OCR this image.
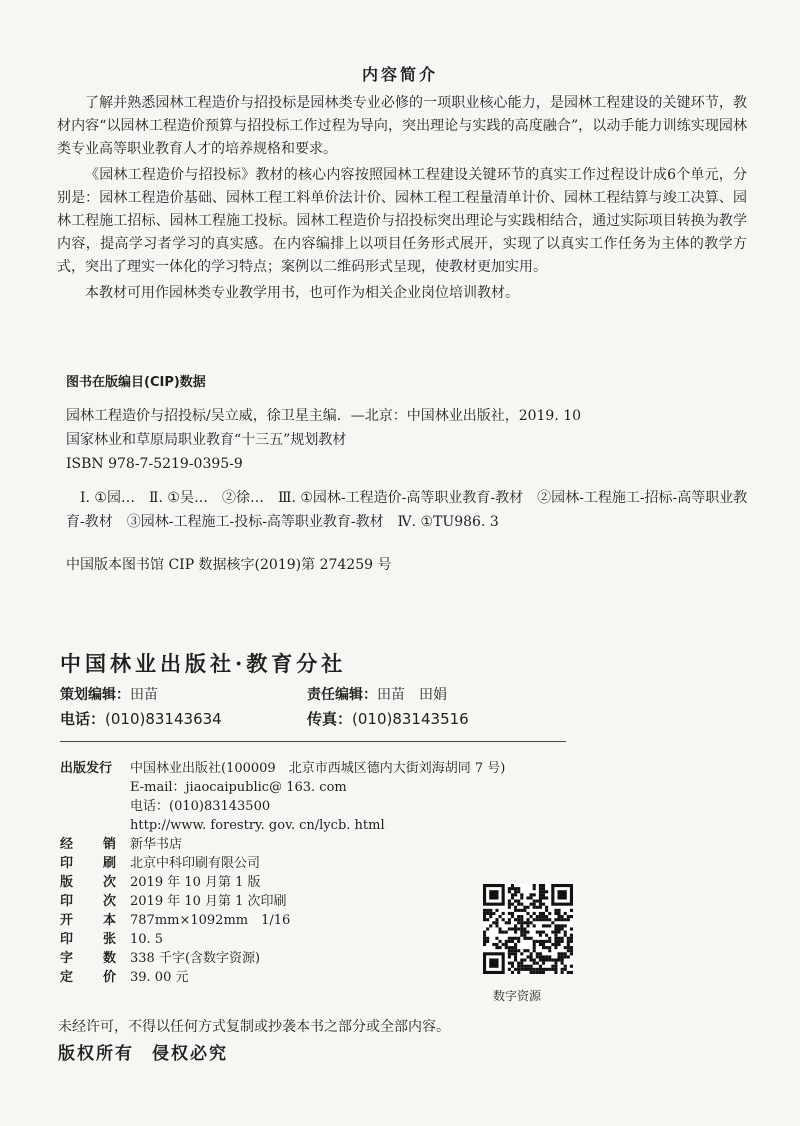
内容简介

了解并熟悉园林工程造价与招投标是园林类专业必修的一项职业核心能力，是园林工程建设的关键环节，教材内容“以园林工程造价预算与招投标工作过程为导向，突出理论与实践的高度融合”，以动手能力训练实现园林类专业高等职业教育人才的培养规格和要求。

《园林工程造价与招投标》教材的核心内容按照园林工程建设关键环节的真实工作过程设计成6个单元，分别是：园林工程造价基础、园林工程工料单价法计价、园林工程工程量清单计价、园林工程结算与竣工决算、园林工程施工招标、园林工程施工投标。园林工程造价与招投标突出理论与实践相结合，通过实际项目转换为教学内容，提高学习者学习的真实感。在内容编排上以项目任务形式展开，实现了以真实工作任务为主体的教学方式，突出了理实一体化的学习特点；案例以二维码形式呈现，使教材更加实用。

本教材可用作园林类专业教学用书，也可作为相关企业岗位培训教材。

图书在版编目(CIP)数据
园林工程造价与招投标/吴立威，徐卫星主编．—北京：中国林业出版社，2019. 10
国家林业和草原局职业教育“十三五”规划教材
ISBN 978-7-5219-0395-9
Ⅰ. ①园…　Ⅱ. ①吴…　②徐…　Ⅲ. ①园林-工程造价-高等职业教育-教材　②园林-工程施工-招标-高等职业教育-教材　③园林-工程施工-投标-高等职业教育-教材　Ⅳ. ①TU986. 3
中国版本图书馆 CIP 数据核字(2019)第 274259 号
中国林业出版社·教育分社
策划编辑：田苗	责任编辑：田苗　田娟
电话：(010)83143634	传真：(010)83143516
出版发行	中国林业出版社(100009　北京市西城区德内大街刘海胡同 7 号)
E-mail：jiaocaipublic@ 163. com
电话：(010)83143500
http://www. forestry. gov. cn/lycb. html
经 销 新华书店
印 刷 北京中科印刷有限公司
版 次 2019 年 10 月第 1 版
印 次 2019 年 10 月第 1 次印刷
开 本 787mm×1092mm　1/16
印 张 10. 5
字 数 338 千字(含数字资源)
定 价 39. 00 元
数字资源
未经许可，不得以任何方式复制或抄袭本书之部分或全部内容。
版权所有 侵权必究
